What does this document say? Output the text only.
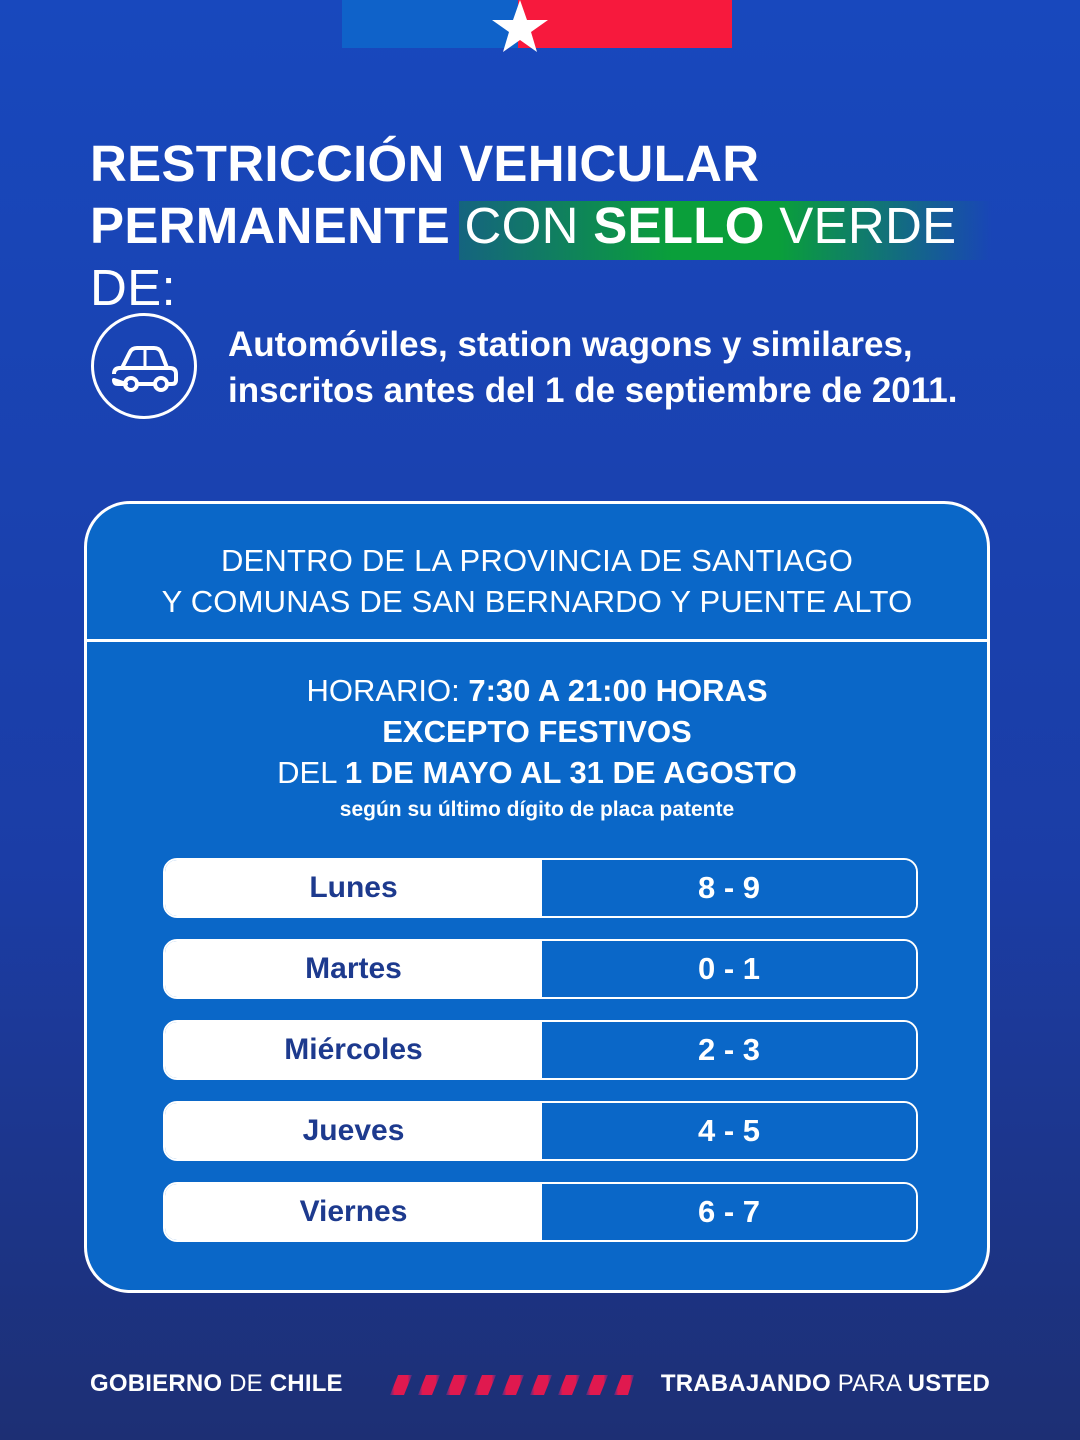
RESTRICCIÓN VEHICULAR
PERMANENTE CON SELLO VERDE DE:
Automóviles, station wagons y similares,
inscritos antes del 1 de septiembre de 2011.
DENTRO DE LA PROVINCIA DE SANTIAGO
Y COMUNAS DE SAN BERNARDO Y PUENTE ALTO
HORARIO: 7:30 A 21:00 HORAS
EXCEPTO FESTIVOS
DEL 1 DE MAYO AL 31 DE AGOSTO
según su último dígito de placa patente
Lunes	8 - 9
Martes	0 - 1
Miércoles	2 - 3
Jueves	4 - 5
Viernes	6 - 7
GOBIERNO DE CHILE	TRABAJANDO PARA USTED
